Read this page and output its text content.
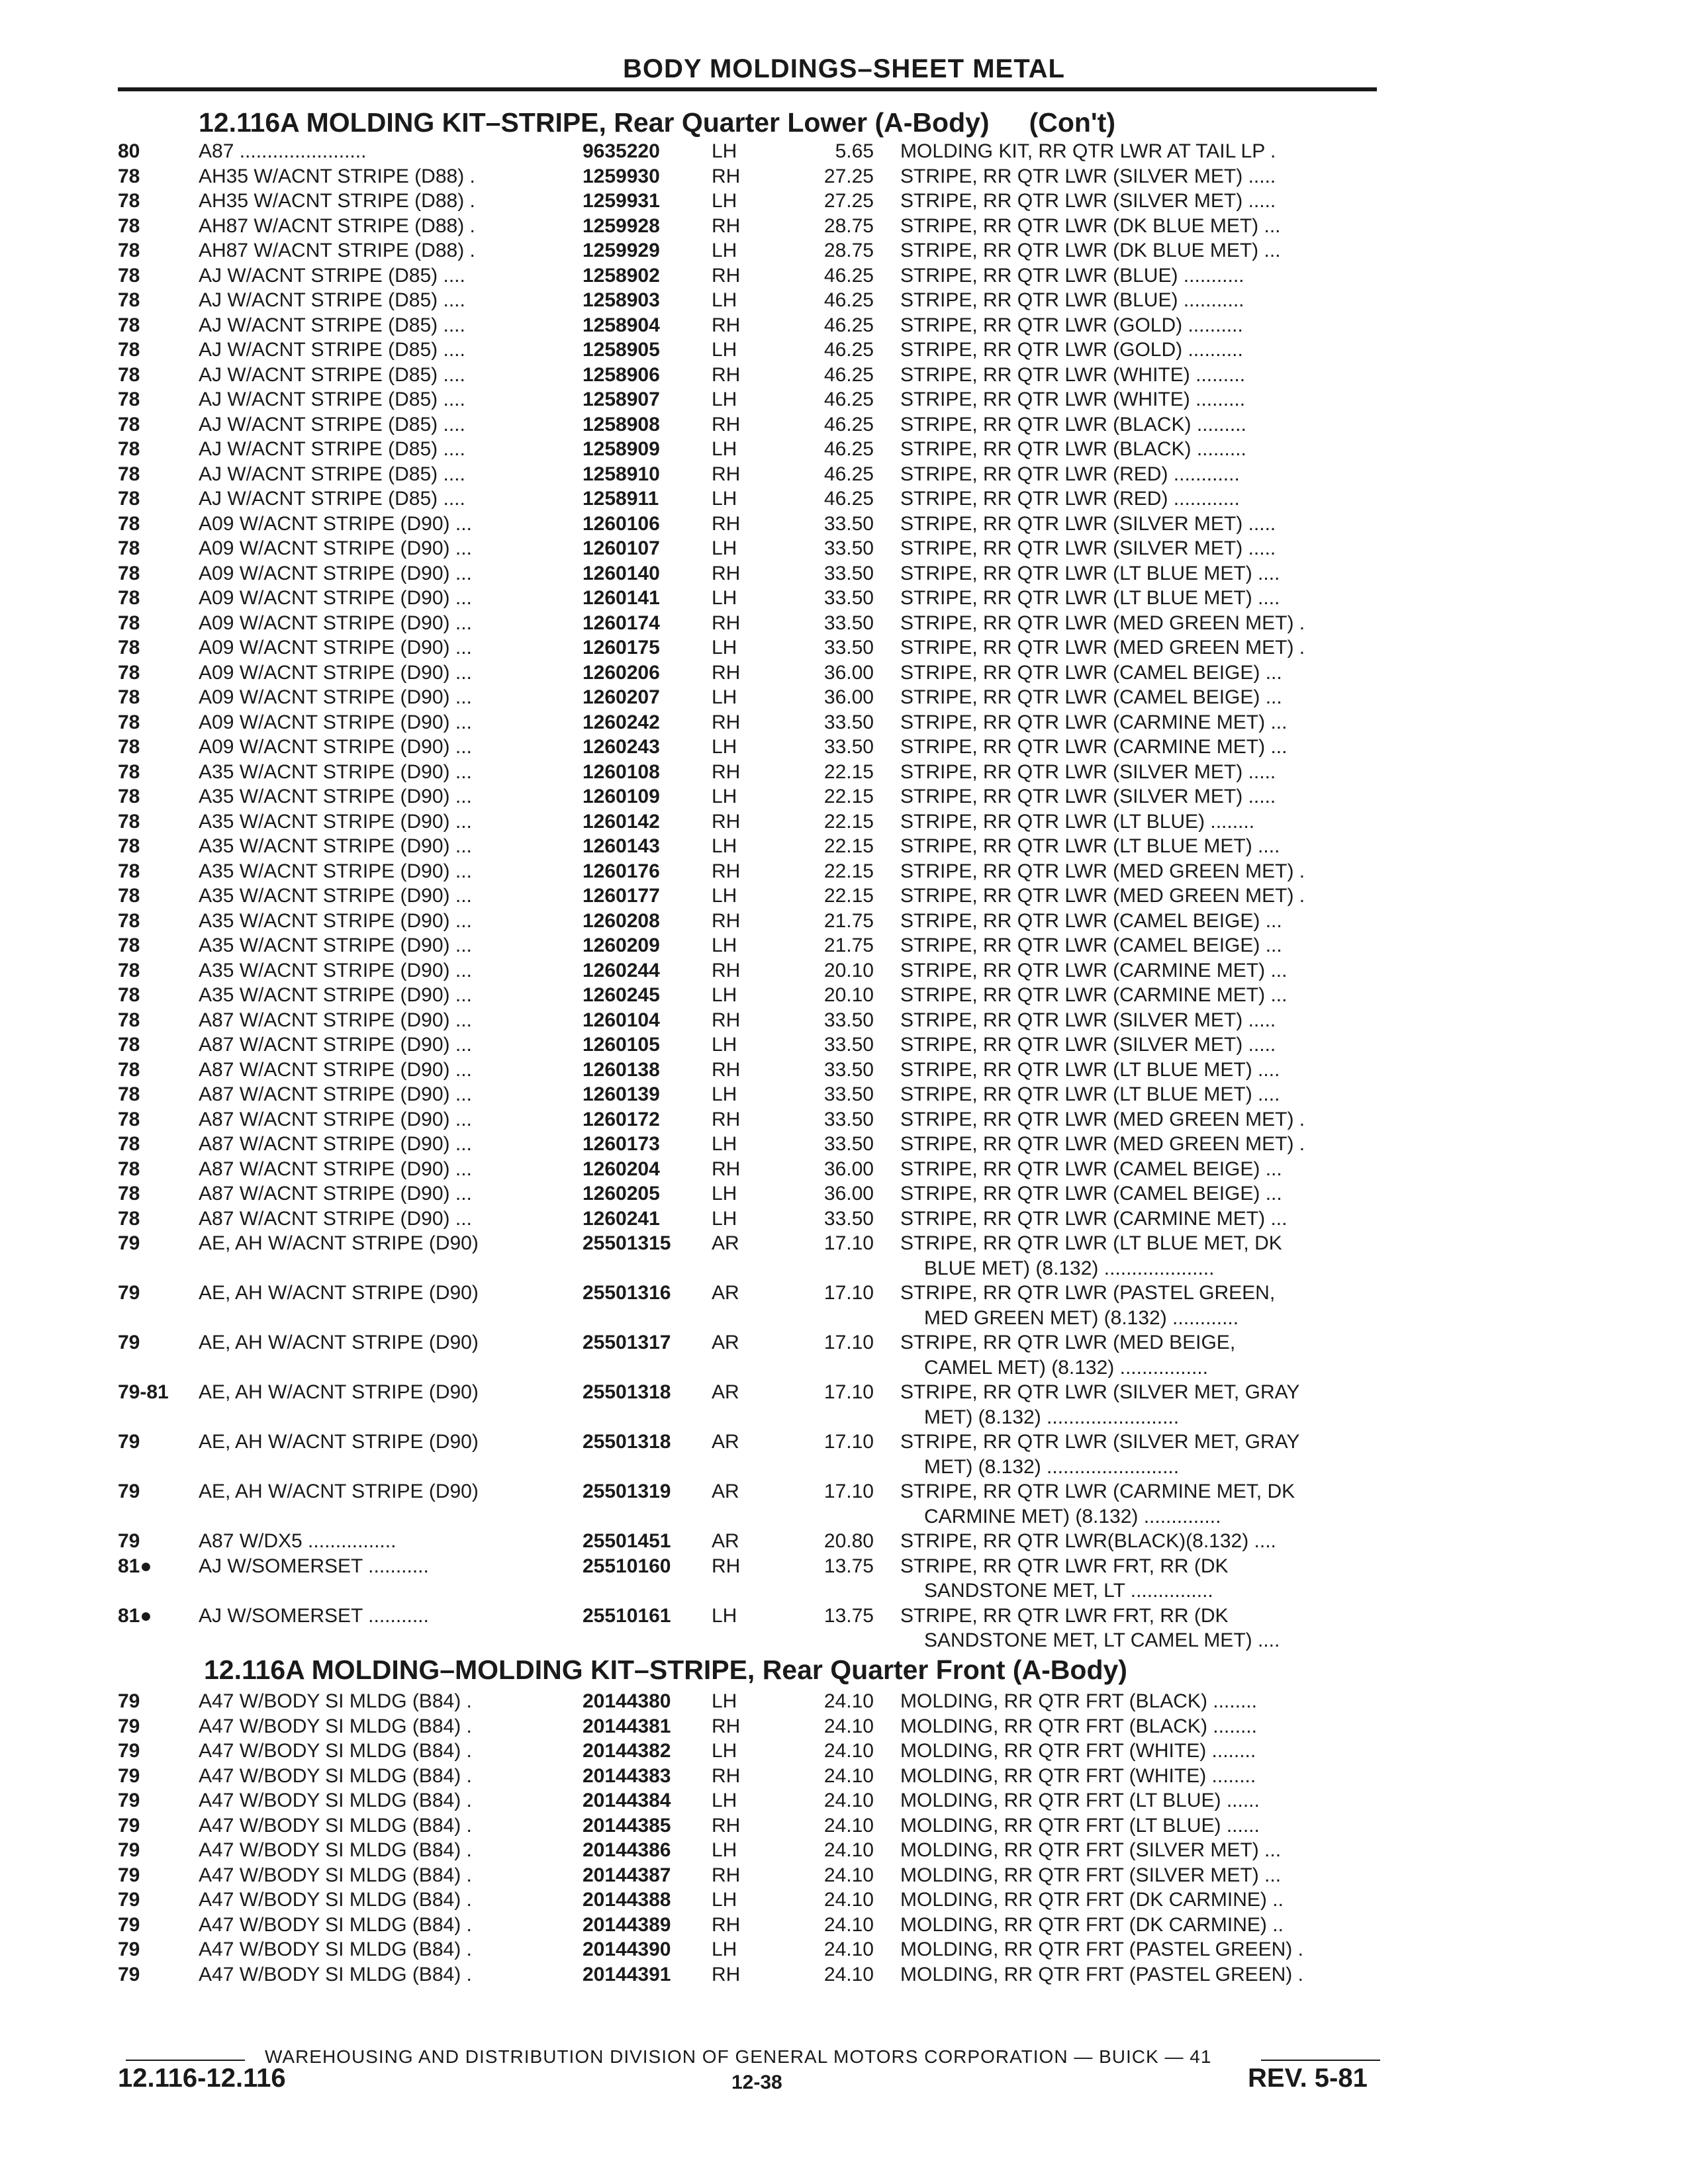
BODY MOLDINGS–SHEET METAL
12.116A MOLDING KIT–STRIPE, Rear Quarter Lower (A-Body) (Con't)
80	A87 .......................	9635220	LH	5.65 MOLDING KIT, RR QTR LWR AT TAIL LP .
78	AH35 W/ACNT STRIPE (D88) .	1259930	RH	27.25 STRIPE, RR QTR LWR (SILVER MET) .....
78	AH35 W/ACNT STRIPE (D88) .	1259931	LH	27.25 STRIPE, RR QTR LWR (SILVER MET) .....
78	AH87 W/ACNT STRIPE (D88) .	1259928	RH	28.75 STRIPE, RR QTR LWR (DK BLUE MET) ...
78	AH87 W/ACNT STRIPE (D88) .	1259929	LH	28.75 STRIPE, RR QTR LWR (DK BLUE MET) ...
78	AJ W/ACNT STRIPE (D85) ....	1258902	RH	46.25 STRIPE, RR QTR LWR (BLUE) ...........
78	AJ W/ACNT STRIPE (D85) ....	1258903	LH	46.25 STRIPE, RR QTR LWR (BLUE) ...........
78	AJ W/ACNT STRIPE (D85) ....	1258904	RH	46.25 STRIPE, RR QTR LWR (GOLD) ..........
78	AJ W/ACNT STRIPE (D85) ....	1258905	LH	46.25 STRIPE, RR QTR LWR (GOLD) ..........
78	AJ W/ACNT STRIPE (D85) ....	1258906	RH	46.25 STRIPE, RR QTR LWR (WHITE) .........
78	AJ W/ACNT STRIPE (D85) ....	1258907	LH	46.25 STRIPE, RR QTR LWR (WHITE) .........
78	AJ W/ACNT STRIPE (D85) ....	1258908	RH	46.25 STRIPE, RR QTR LWR (BLACK) .........
78	AJ W/ACNT STRIPE (D85) ....	1258909	LH	46.25 STRIPE, RR QTR LWR (BLACK) .........
78	AJ W/ACNT STRIPE (D85) ....	1258910	RH	46.25 STRIPE, RR QTR LWR (RED) ............
78	AJ W/ACNT STRIPE (D85) ....	1258911	LH	46.25 STRIPE, RR QTR LWR (RED) ............
78	A09 W/ACNT STRIPE (D90) ...	1260106	RH	33.50 STRIPE, RR QTR LWR (SILVER MET) .....
78	A09 W/ACNT STRIPE (D90) ...	1260107	LH	33.50 STRIPE, RR QTR LWR (SILVER MET) .....
78	A09 W/ACNT STRIPE (D90) ...	1260140	RH	33.50 STRIPE, RR QTR LWR (LT BLUE MET) ....
78	A09 W/ACNT STRIPE (D90) ...	1260141	LH	33.50 STRIPE, RR QTR LWR (LT BLUE MET) ....
78	A09 W/ACNT STRIPE (D90) ...	1260174	RH	33.50 STRIPE, RR QTR LWR (MED GREEN MET) .
78	A09 W/ACNT STRIPE (D90) ...	1260175	LH	33.50 STRIPE, RR QTR LWR (MED GREEN MET) .
78	A09 W/ACNT STRIPE (D90) ...	1260206	RH	36.00 STRIPE, RR QTR LWR (CAMEL BEIGE) ...
78	A09 W/ACNT STRIPE (D90) ...	1260207	LH	36.00 STRIPE, RR QTR LWR (CAMEL BEIGE) ...
78	A09 W/ACNT STRIPE (D90) ...	1260242	RH	33.50 STRIPE, RR QTR LWR (CARMINE MET) ...
78	A09 W/ACNT STRIPE (D90) ...	1260243	LH	33.50 STRIPE, RR QTR LWR (CARMINE MET) ...
78	A35 W/ACNT STRIPE (D90) ...	1260108	RH	22.15 STRIPE, RR QTR LWR (SILVER MET) .....
78	A35 W/ACNT STRIPE (D90) ...	1260109	LH	22.15 STRIPE, RR QTR LWR (SILVER MET) .....
78	A35 W/ACNT STRIPE (D90) ...	1260142	RH	22.15 STRIPE, RR QTR LWR (LT BLUE) ........
78	A35 W/ACNT STRIPE (D90) ...	1260143	LH	22.15 STRIPE, RR QTR LWR (LT BLUE MET) ....
78	A35 W/ACNT STRIPE (D90) ...	1260176	RH	22.15 STRIPE, RR QTR LWR (MED GREEN MET) .
78	A35 W/ACNT STRIPE (D90) ...	1260177	LH	22.15 STRIPE, RR QTR LWR (MED GREEN MET) .
78	A35 W/ACNT STRIPE (D90) ...	1260208	RH	21.75 STRIPE, RR QTR LWR (CAMEL BEIGE) ...
78	A35 W/ACNT STRIPE (D90) ...	1260209	LH	21.75 STRIPE, RR QTR LWR (CAMEL BEIGE) ...
78	A35 W/ACNT STRIPE (D90) ...	1260244	RH	20.10 STRIPE, RR QTR LWR (CARMINE MET) ...
78	A35 W/ACNT STRIPE (D90) ...	1260245	LH	20.10 STRIPE, RR QTR LWR (CARMINE MET) ...
78	A87 W/ACNT STRIPE (D90) ...	1260104	RH	33.50 STRIPE, RR QTR LWR (SILVER MET) .....
78	A87 W/ACNT STRIPE (D90) ...	1260105	LH	33.50 STRIPE, RR QTR LWR (SILVER MET) .....
78	A87 W/ACNT STRIPE (D90) ...	1260138	RH	33.50 STRIPE, RR QTR LWR (LT BLUE MET) ....
78	A87 W/ACNT STRIPE (D90) ...	1260139	LH	33.50 STRIPE, RR QTR LWR (LT BLUE MET) ....
78	A87 W/ACNT STRIPE (D90) ...	1260172	RH	33.50 STRIPE, RR QTR LWR (MED GREEN MET) .
78	A87 W/ACNT STRIPE (D90) ...	1260173	LH	33.50 STRIPE, RR QTR LWR (MED GREEN MET) .
78	A87 W/ACNT STRIPE (D90) ...	1260204	RH	36.00 STRIPE, RR QTR LWR (CAMEL BEIGE) ...
78	A87 W/ACNT STRIPE (D90) ...	1260205	LH	36.00 STRIPE, RR QTR LWR (CAMEL BEIGE) ...
78	A87 W/ACNT STRIPE (D90) ...	1260241	LH	33.50 STRIPE, RR QTR LWR (CARMINE MET) ...
79	AE, AH W/ACNT STRIPE (D90)	25501315 AR	17.10 STRIPE, RR QTR LWR (LT BLUE MET, DK
BLUE MET) (8.132) ....................
79	AE, AH W/ACNT STRIPE (D90)	25501316 AR	17.10 STRIPE, RR QTR LWR (PASTEL GREEN,
MED GREEN MET) (8.132) ............
79	AE, AH W/ACNT STRIPE (D90)	25501317 AR	17.10 STRIPE, RR QTR LWR (MED BEIGE,
CAMEL MET) (8.132) ................
79-81 AE, AH W/ACNT STRIPE (D90)	25501318 AR	17.10 STRIPE, RR QTR LWR (SILVER MET, GRAY
MET) (8.132) ........................
79	AE, AH W/ACNT STRIPE (D90)	25501318 AR	17.10 STRIPE, RR QTR LWR (SILVER MET, GRAY
MET) (8.132) ........................
79	AE, AH W/ACNT STRIPE (D90)	25501319 AR	17.10 STRIPE, RR QTR LWR (CARMINE MET, DK
CARMINE MET) (8.132) ..............
79	A87 W/DX5 ................	25501451 AR	20.80 STRIPE, RR QTR LWR(BLACK)(8.132) ....
81● AJ W/SOMERSET ...........	25510160 RH	13.75 STRIPE, RR QTR LWR FRT, RR (DK
SANDSTONE MET, LT ...............
81● AJ W/SOMERSET ...........	25510161 LH	13.75 STRIPE, RR QTR LWR FRT, RR (DK
SANDSTONE MET, LT CAMEL MET) ....
12.116A MOLDING–MOLDING KIT–STRIPE, Rear Quarter Front (A-Body)
79	A47 W/BODY SI MLDG (B84) .	20144380 LH	24.10 MOLDING, RR QTR FRT (BLACK) ........
79	A47 W/BODY SI MLDG (B84) .	20144381 RH	24.10 MOLDING, RR QTR FRT (BLACK) ........
79	A47 W/BODY SI MLDG (B84) .	20144382 LH	24.10 MOLDING, RR QTR FRT (WHITE) ........
79	A47 W/BODY SI MLDG (B84) .	20144383 RH	24.10 MOLDING, RR QTR FRT (WHITE) ........
79	A47 W/BODY SI MLDG (B84) .	20144384 LH	24.10 MOLDING, RR QTR FRT (LT BLUE) ......
79	A47 W/BODY SI MLDG (B84) .	20144385 RH	24.10 MOLDING, RR QTR FRT (LT BLUE) ......
79	A47 W/BODY SI MLDG (B84) .	20144386 LH	24.10 MOLDING, RR QTR FRT (SILVER MET) ...
79	A47 W/BODY SI MLDG (B84) .	20144387 RH	24.10 MOLDING, RR QTR FRT (SILVER MET) ...
79	A47 W/BODY SI MLDG (B84) .	20144388 LH	24.10 MOLDING, RR QTR FRT (DK CARMINE) ..
79	A47 W/BODY SI MLDG (B84) .	20144389 RH	24.10 MOLDING, RR QTR FRT (DK CARMINE) ..
79	A47 W/BODY SI MLDG (B84) .	20144390 LH	24.10 MOLDING, RR QTR FRT (PASTEL GREEN) .
79	A47 W/BODY SI MLDG (B84) .	20144391 RH	24.10 MOLDING, RR QTR FRT (PASTEL GREEN) .
WAREHOUSING AND DISTRIBUTION DIVISION OF GENERAL MOTORS CORPORATION — BUICK — 41
12.116-12.116	12-38	REV. 5-81
